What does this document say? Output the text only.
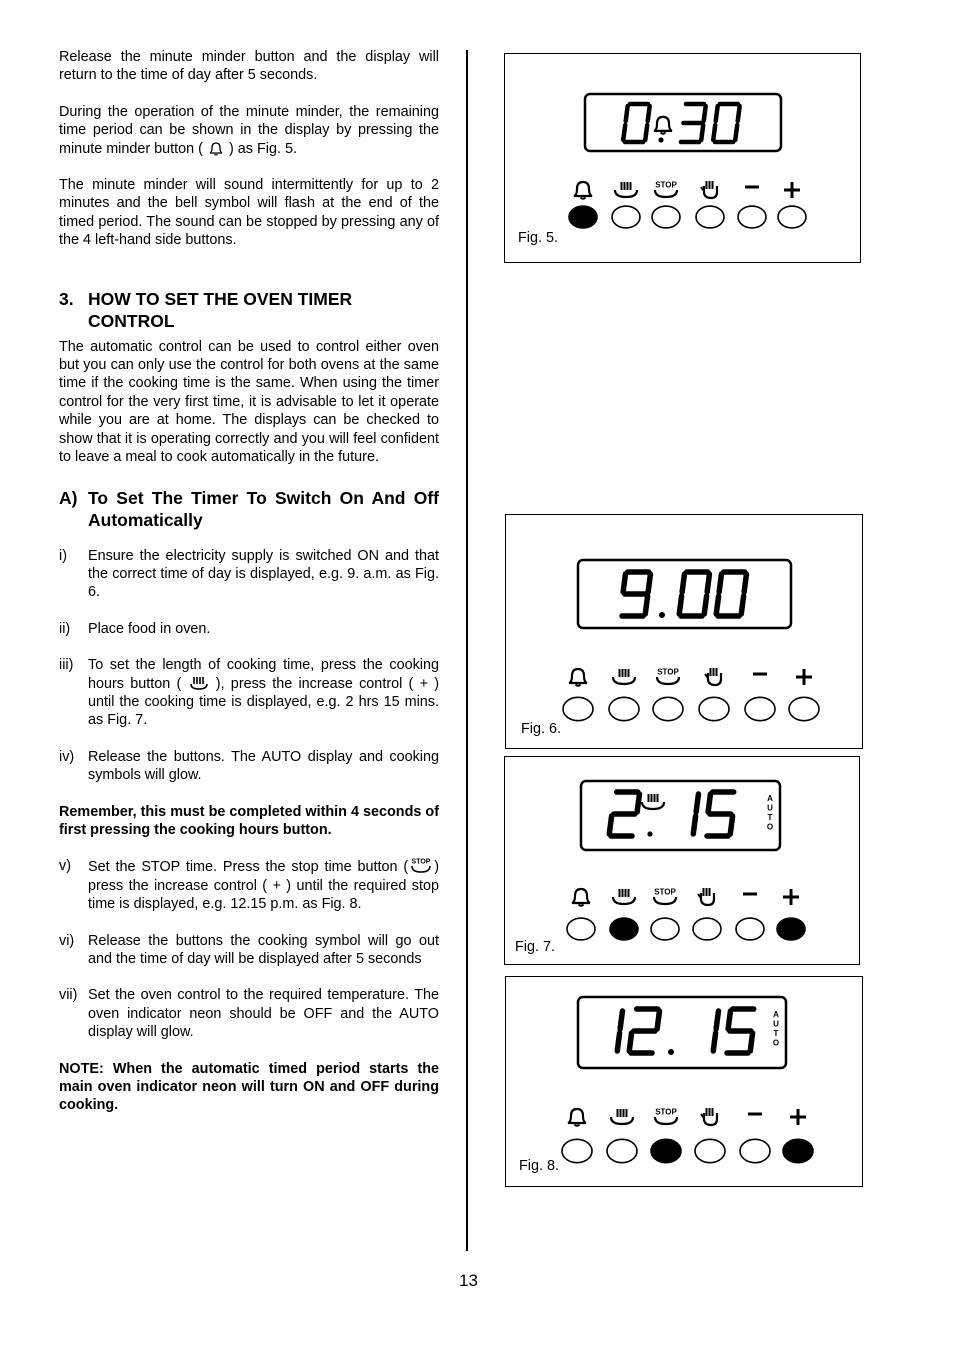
Release the minute minder button and the display will return to the time of day after 5 seconds.

During the operation of the minute minder, the remaining time period can be shown in the display by pressing the minute minder button ( ) as Fig. 5.

The minute minder will sound intermittently for up to 2 minutes and the bell symbol will flash at the end of the timed period. The sound can be stopped by pressing any of the 4 left-hand side buttons.

3. HOW TO SET THE OVEN TIMER CONTROL

The automatic control can be used to control either oven but you can only use the control for both ovens at the same time if the cooking time is the same. When using the timer control for the very first time, it is advisable to let it operate while you are at home. The displays can be checked to show that it is operating correctly and you will feel confident to leave a meal to cook automatically in the future.

A) To Set The Timer To Switch On And Off Automatically

i) Ensure the electricity supply is switched ON and that the correct time of day is displayed, e.g. 9. a.m. as Fig. 6.

ii) Place food in oven.

iii) To set the length of cooking time, press the cooking hours button ( ), press the increase control ( + ) until the cooking time is displayed, e.g. 2 hrs 15 mins. as Fig. 7.

iv) Release the buttons. The AUTO display and cooking symbols will glow.

Remember, this must be completed within 4 seconds of first pressing the cooking hours button.

v) Set the STOP time. Press the stop time button ( STOP ) press the increase control ( + ) until the required stop time is displayed, e.g. 12.15 p.m. as Fig. 8.

vi) Release the buttons the cooking symbol will go out and the time of day will be displayed after 5 seconds

vii) Set the oven control to the required temperature. The oven indicator neon should be OFF and the AUTO display will glow.

NOTE: When the automatic timed period starts the main oven indicator neon will turn ON and OFF during cooking.

STOP
Fig. 5.
STOP
Fig. 6.
A
U
T
O
STOP
Fig. 7.
A
U
T
O
STOP
Fig. 8.
13
